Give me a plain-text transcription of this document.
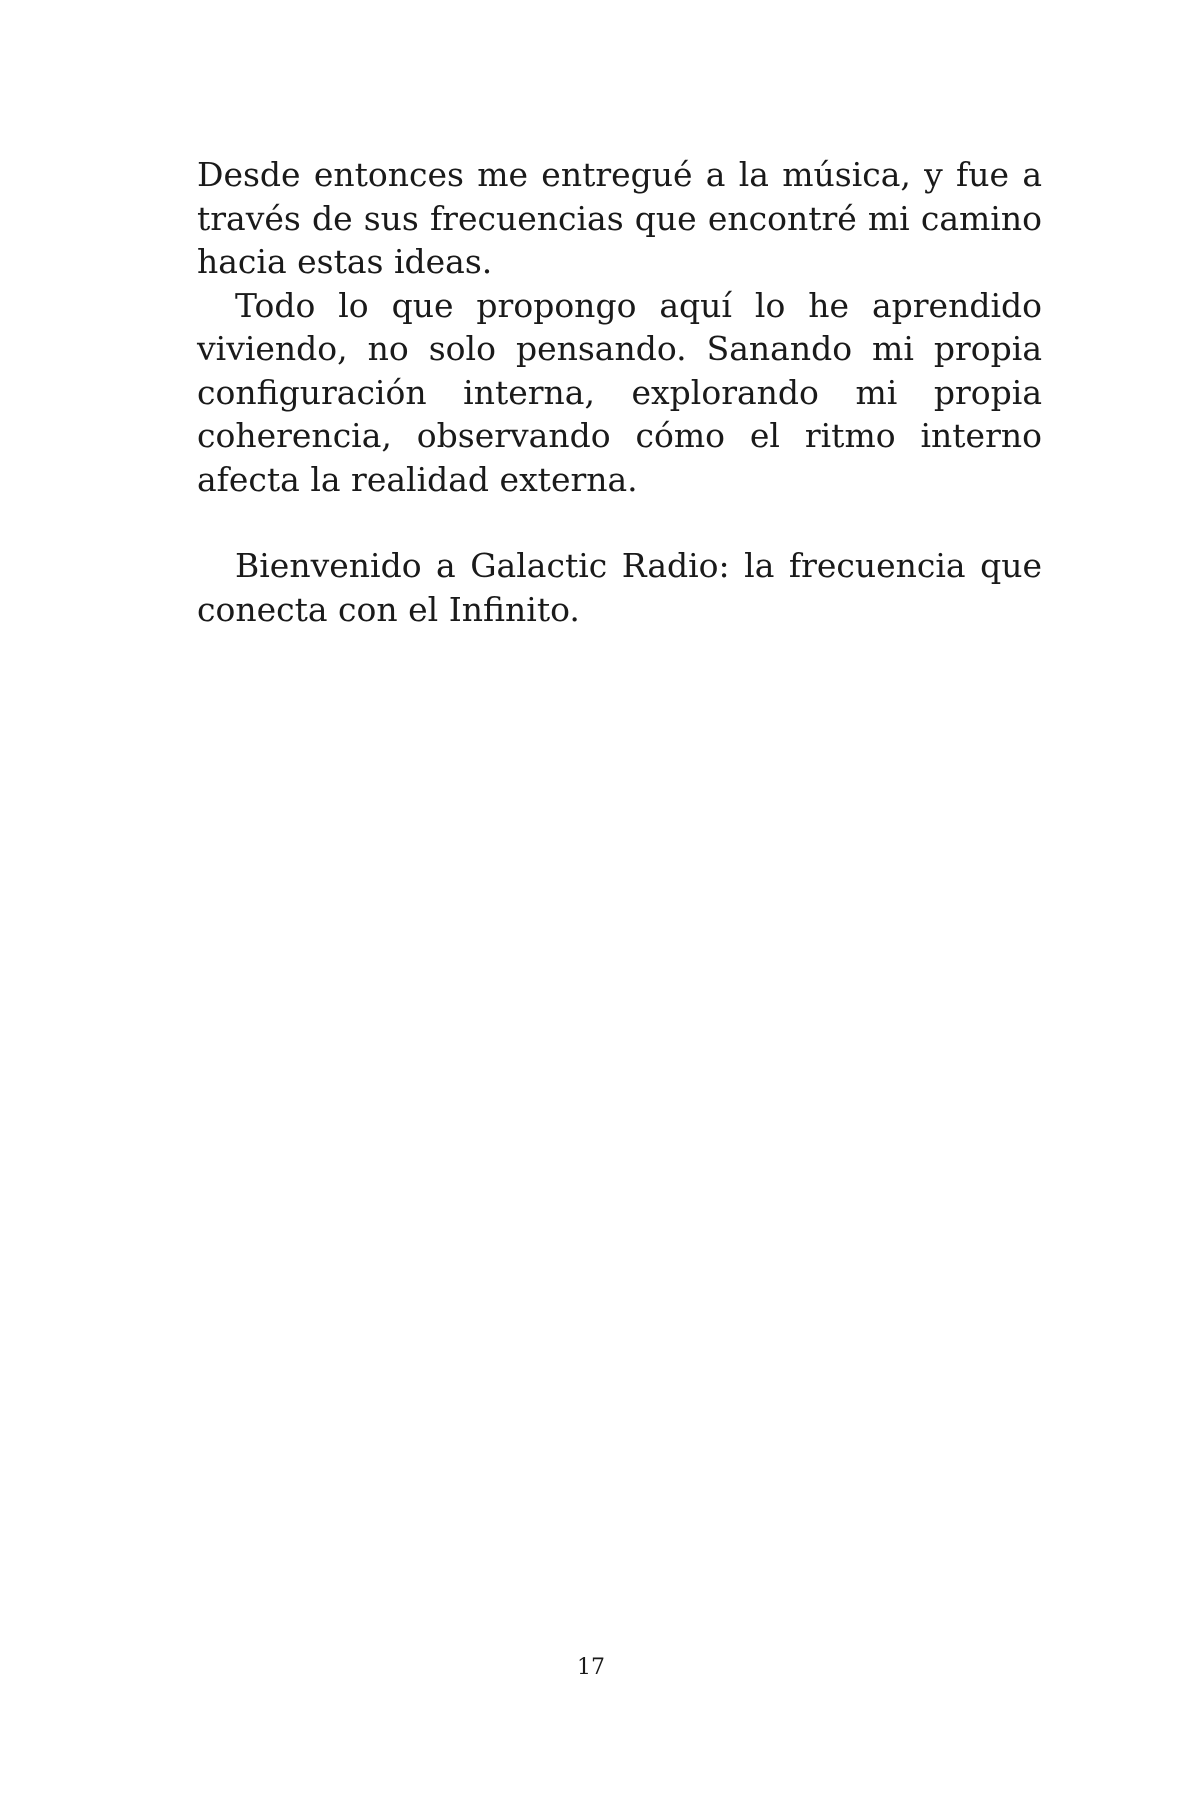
Desde entonces me entregué a la música, y fue a través de sus frecuencias que encontré mi camino hacia estas ideas.

Todo lo que propongo aquí lo he aprendido viviendo, no solo pensando. Sanando mi propia configuración interna, explorando mi propia coherencia, observando cómo el ritmo interno afecta la realidad externa.

Bienvenido a Galactic Radio: la frecuencia que conecta con el Infinito.

17
